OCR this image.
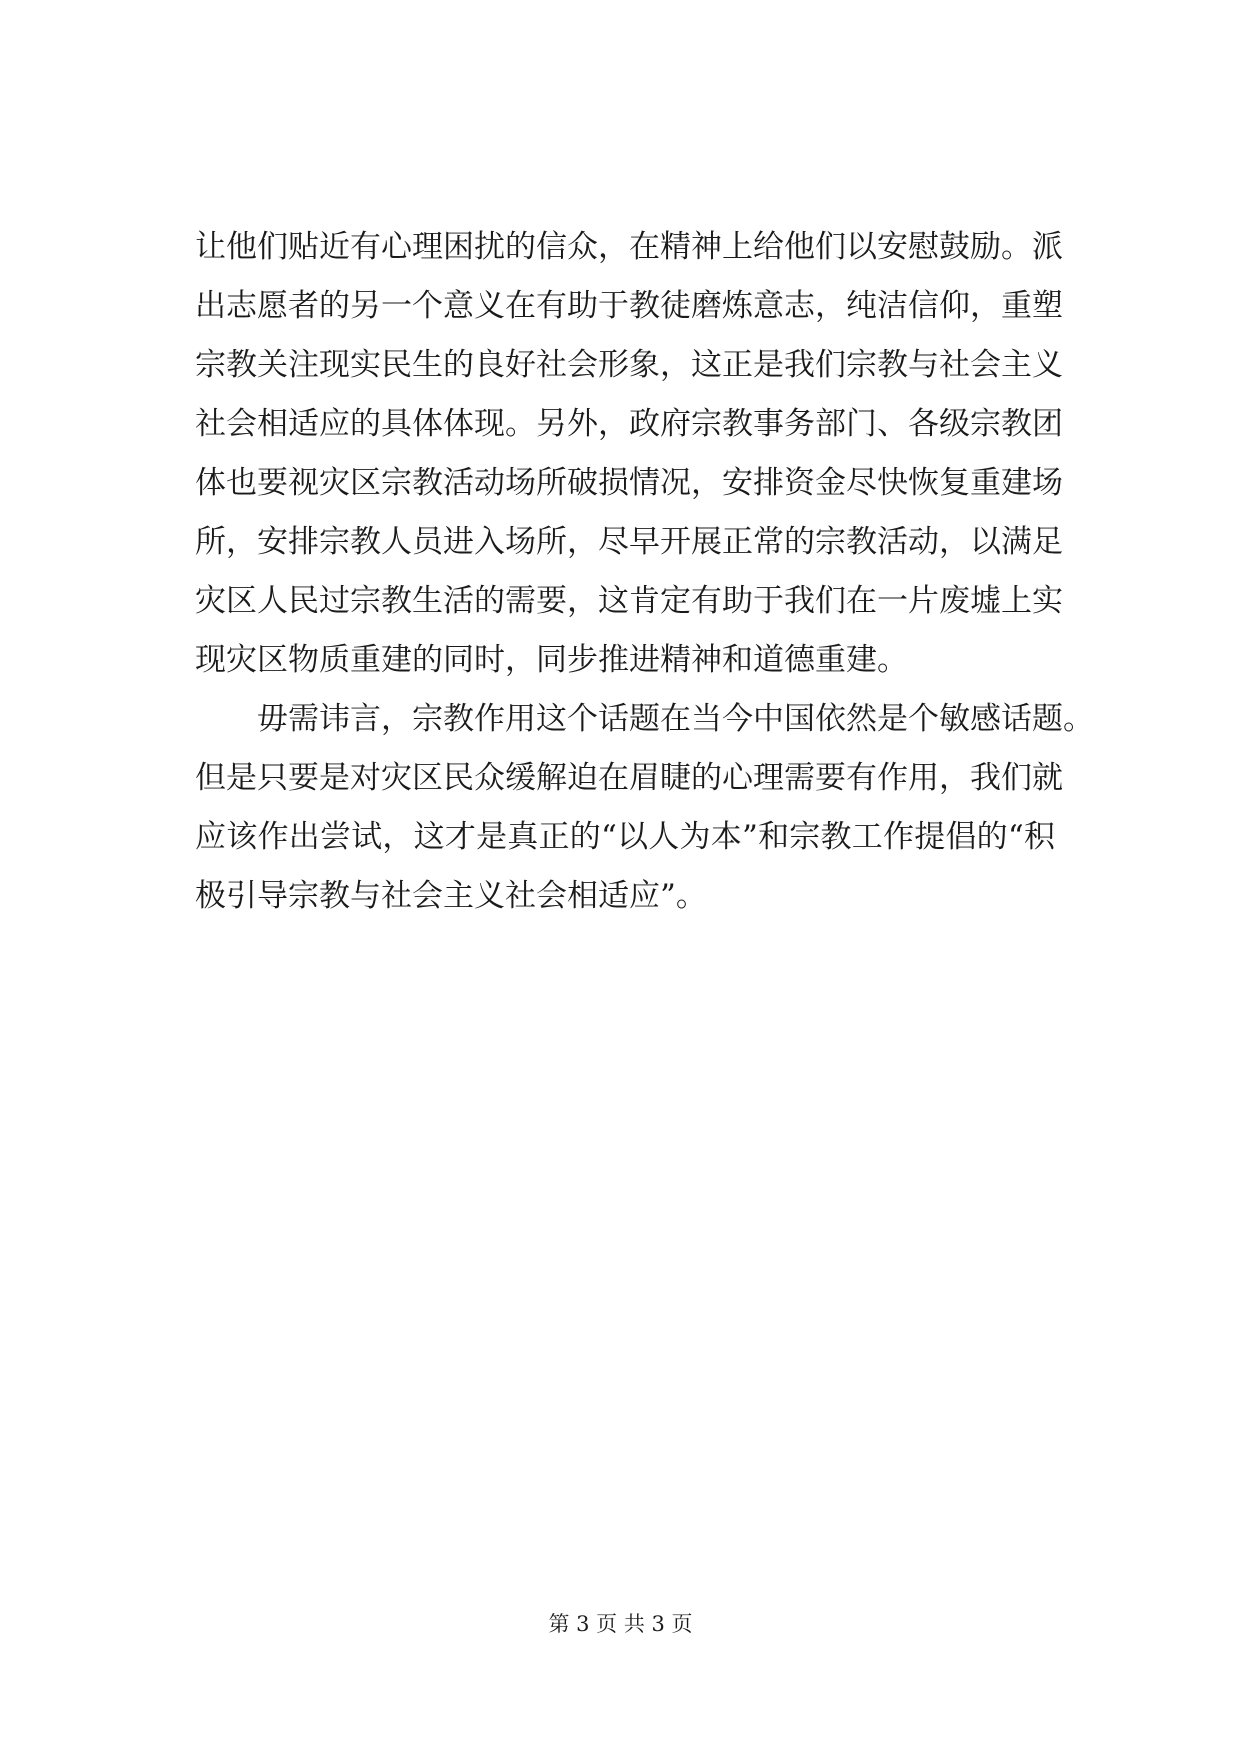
让他们贴近有心理困扰的信众，在精神上给他们以安慰鼓励。派
出志愿者的另一个意义在有助于教徒磨炼意志，纯洁信仰，重塑
宗教关注现实民生的良好社会形象，这正是我们宗教与社会主义
社会相适应的具体体现。另外，政府宗教事务部门、各级宗教团
体也要视灾区宗教活动场所破损情况，安排资金尽快恢复重建场
所，安排宗教人员进入场所，尽早开展正常的宗教活动，以满足
灾区人民过宗教生活的需要，这肯定有助于我们在一片废墟上实
现灾区物质重建的同时，同步推进精神和道德重建。
毋需讳言，宗教作用这个话题在当今中国依然是个敏感话题。
但是只要是对灾区民众缓解迫在眉睫的心理需要有作用，我们就
应该作出尝试，这才是真正的“以人为本”和宗教工作提倡的“积
极引导宗教与社会主义社会相适应”。
第 3 页 共 3 页
